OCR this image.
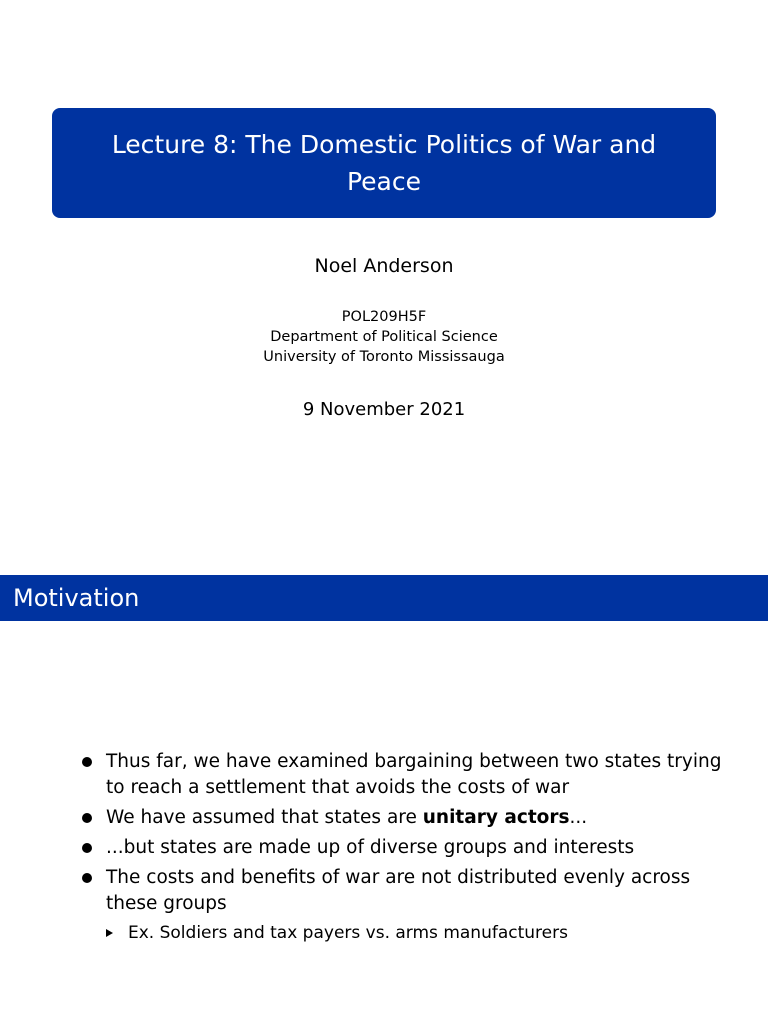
Lecture 8: The Domestic Politics of War and Peace
Noel Anderson
POL209H5F
Department of Political Science
University of Toronto Mississauga
9 November 2021
Motivation
Thus far, we have examined bargaining between two states trying to reach a settlement that avoids the costs of war
We have assumed that states are unitary actors...
...but states are made up of diverse groups and interests
The costs and benefits of war are not distributed evenly across these groups
Ex. Soldiers and tax payers vs. arms manufacturers
